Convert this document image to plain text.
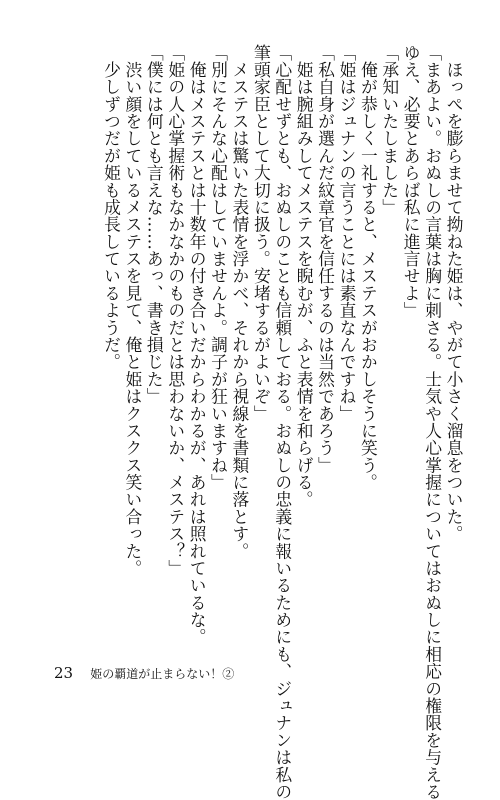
　ほっぺを膨らませて拗ねた姫は、やがて小さく溜息をついた。
「まあよい。おぬしの言葉は胸に刺さる。士気や人心掌握についてはおぬしに相応の権限を与える
ゆえ、必要とあらば私に進言せよ」
「承知いたしました」
　俺が恭しく一礼すると、メステスがおかしそうに笑う。
「姫はジュナンの言うことには素直なんですね」
「私自身が選んだ紋章官を信任するのは当然であろう」
　姫は腕組みしてメステスを睨むが、ふと表情を和らげる。
「心配せずとも、おぬしのことも信頼しておる。おぬしの忠義に報いるためにも、ジュナンは私の
筆頭家臣として大切に扱う。安堵するがよいぞ」
　メステスは驚いた表情を浮かべ、それから視線を書類に落とす。
「別にそんな心配はしていませんよ。調子が狂いますね」
　俺はメステスとは十数年の付き合いだからわかるが、あれは照れているな。
「姫の人心掌握術もなかなかのものだとは思わないか、メステス？」
「僕には何とも言えな……あっ、書き損じた」
　渋い顔をしているメステスを見て、俺と姫はクスクス笑い合った。
　少しずつだが姫も成長しているようだ。
23 姫の覇道が止まらない！②
